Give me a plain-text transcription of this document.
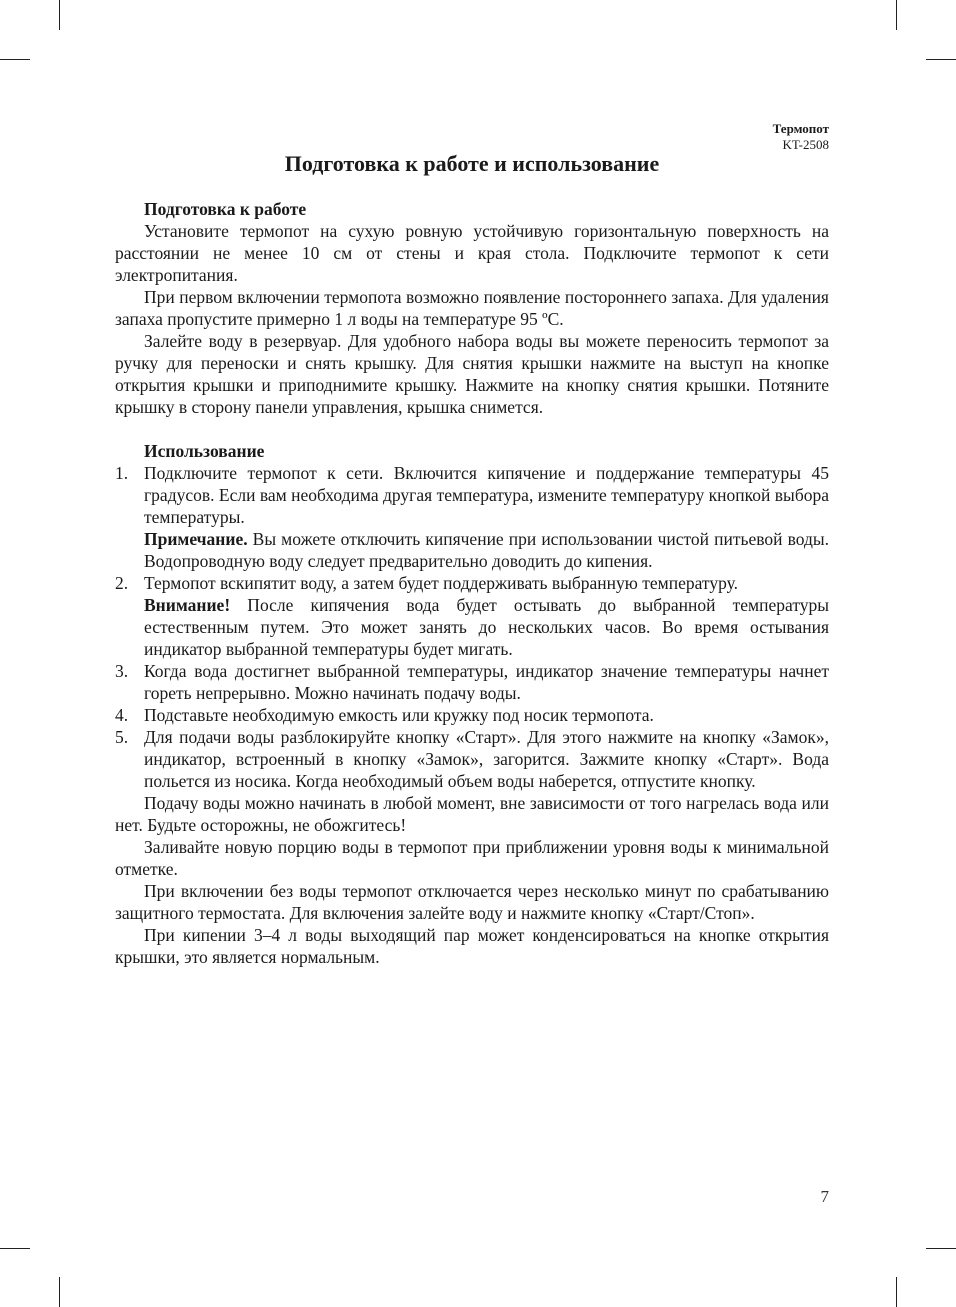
Термопот
KT-2508
Подготовка к работе и использование
Подготовка к работе

Установите термопот на сухую ровную устойчивую горизонтальную поверхность на расстоянии не менее 10 см от стены и края стола. Подключите термопот к сети электропитания.

При первом включении термопота возможно появление постороннего запаха. Для удаления запаха пропустите примерно 1 л воды на температуре 95 ºС.

Залейте воду в резервуар. Для удобного набора воды вы можете переносить термопот за ручку для переноски и снять крышку. Для снятия крышки нажмите на выступ на кнопке открытия крышки и приподнимите крышку. Нажмите на кнопку снятия крышки. Потяните крышку в сторону панели управления, крышка снимется.

Использование
1. Подключите термопот к сети. Включится кипячение и поддержание температуры 45 градусов. Если вам необходима другая температура, измените температуру кнопкой выбора температуры.

Примечание. Вы можете отключить кипячение при использовании чистой питьевой воды. Водопроводную воду следует предварительно доводить до кипения.

2. Термопот вскипятит воду, а затем будет поддерживать выбранную температуру.

Внимание! После кипячения вода будет остывать до выбранной температуры естественным путем. Это может занять до нескольких часов. Во время остывания индикатор выбранной температуры будет мигать.

3. Когда вода достигнет выбранной температуры, индикатор значение температуры начнет гореть непрерывно. Можно начинать подачу воды.

4. Подставьте необходимую емкость или кружку под носик термопота.

5. Для подачи воды разблокируйте кнопку «Старт». Для этого нажмите на кнопку «Замок», индикатор, встроенный в кнопку «Замок», загорится. Зажмите кнопку «Старт». Вода польется из носика. Когда необходимый объем воды наберется, отпустите кнопку.

Подачу воды можно начинать в любой момент, вне зависимости от того нагрелась вода или нет. Будьте осторожны, не обожгитесь!

Заливайте новую порцию воды в термопот при приближении уровня воды к минимальной отметке.

При включении без воды термопот отключается через несколько минут по срабатыванию защитного термостата. Для включения залейте воду и нажмите кнопку «Старт/Стоп».

При кипении 3–4 л воды выходящий пар может конденсироваться на кнопке открытия крышки, это является нормальным.

7
